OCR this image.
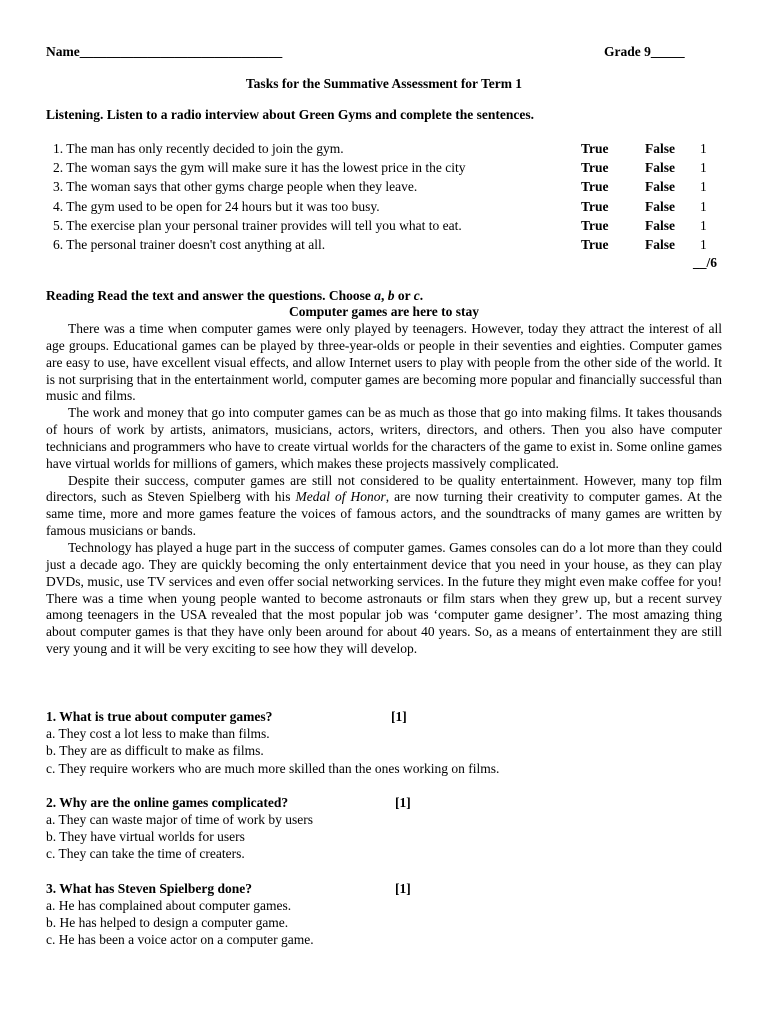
Name______________________________	Grade 9_____
Tasks for the Summative Assessment for Term 1
Listening. Listen to a radio interview about Green Gyms and complete the sentences.
1. The man has only recently decided to join the gym.	True	False 1
2. The woman says the gym will make sure it has the lowest price in the city	True	False 1
3. The woman says that other gyms charge people when they leave.	True	False 1
4. The gym used to be open for 24 hours but it was too busy.	True	False 1
5. The exercise plan your personal trainer provides will tell you what to eat.	True	False 1
6. The personal trainer doesn't cost anything at all.	True	False 1
__/6
Reading Read the text and answer the questions. Choose a, b or c.
Computer games are here to stay

There was a time when computer games were only played by teenagers. However, today they attract the interest of all age groups. Educational games can be played by three-year-olds or people in their seventies and eighties. Computer games are easy to use, have excellent visual effects, and allow Internet users to play with people from the other side of the world. It is not surprising that in the entertainment world, computer games are becoming more popular and financially successful than music and films.

The work and money that go into computer games can be as much as those that go into making films. It takes thousands of hours of work by artists, animators, musicians, actors, writers, directors, and others. Then you also have computer technicians and programmers who have to create virtual worlds for the characters of the game to exist in. Some online games have virtual worlds for millions of gamers, which makes these projects massively complicated.

Despite their success, computer games are still not considered to be quality entertainment. However, many top film directors, such as Steven Spielberg with his Medal of Honor, are now turning their creativity to computer games. At the same time, more and more games feature the voices of famous actors, and the soundtracks of many games are written by famous musicians or bands.

Technology has played a huge part in the success of computer games. Games consoles can do a lot more than they could just a decade ago. They are quickly becoming the only entertainment device that you need in your house, as they can play DVDs, music, use TV services and even offer social networking services. In the future they might even make coffee for you! There was a time when young people wanted to become astronauts or film stars when they grew up, but a recent survey among teenagers in the USA revealed that the most popular job was ‘computer game designer’. The most amazing thing about computer games is that they have only been around for about 40 years. So, as a means of entertainment they are still very young and it will be very exciting to see how they will develop.

1. What is true about computer games?	[1]
a. They cost a lot less to make than films.
b. They are as difficult to make as films.
c. They require workers who are much more skilled than the ones working on films.
2. Why are the online games complicated?	[1]
a. They can waste major of time of work by users
b. They have virtual worlds for users
c. They can take the time of creaters.
3. What has Steven Spielberg done?	[1]
a. He has complained about computer games.
b. He has helped to design a computer game.
c. He has been a voice actor on a computer game.
